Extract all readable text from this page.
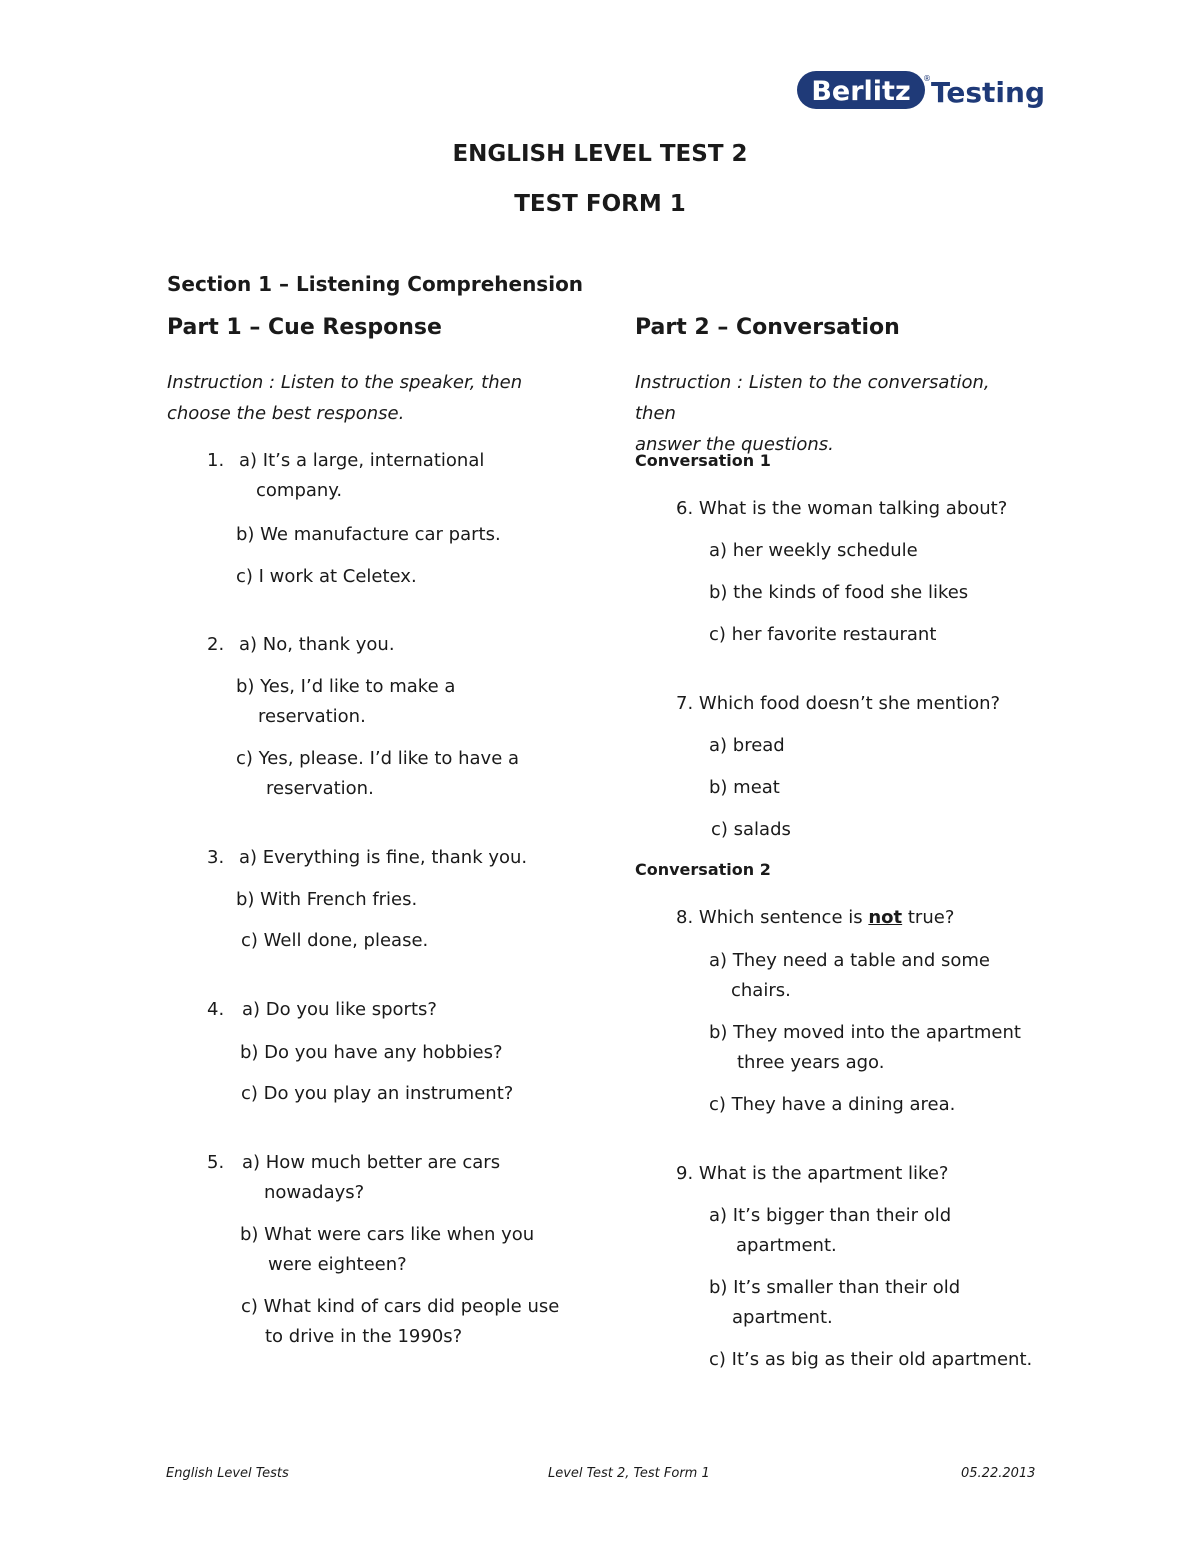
Berlitz ® Testing
ENGLISH LEVEL TEST 2
TEST FORM 1
Section 1 – Listening Comprehension
Part 1 – Cue Response
Instruction : Listen to the speaker, then
choose the best response.
1. a) It’s a large, international
company.
b) We manufacture car parts.
c) I work at Celetex.
2. a) No, thank you.
b) Yes, I’d like to make a
reservation.
c) Yes, please. I’d like to have a
reservation.
3. a) Everything is fine, thank you.
b) With French fries.
c) Well done, please.
4. a) Do you like sports?
b) Do you have any hobbies?
c) Do you play an instrument?
5. a) How much better are cars
nowadays?
b) What were cars like when you
were eighteen?
c) What kind of cars did people use
to drive in the 1990s?
Part 2 – Conversation
Instruction : Listen to the conversation, then
answer the questions.
Conversation 1
6. What is the woman talking about?
a) her weekly schedule
b) the kinds of food she likes
c) her favorite restaurant
7. Which food doesn’t she mention?
a) bread
b) meat
c) salads
Conversation 2
8. Which sentence is not true?
a) They need a table and some
chairs.
b) They moved into the apartment
three years ago.
c) They have a dining area.
9. What is the apartment like?
a) It’s bigger than their old
apartment.
b) It’s smaller than their old
apartment.
c) It’s as big as their old apartment.
English Level Tests	Level Test 2, Test Form 1	05.22.2013
